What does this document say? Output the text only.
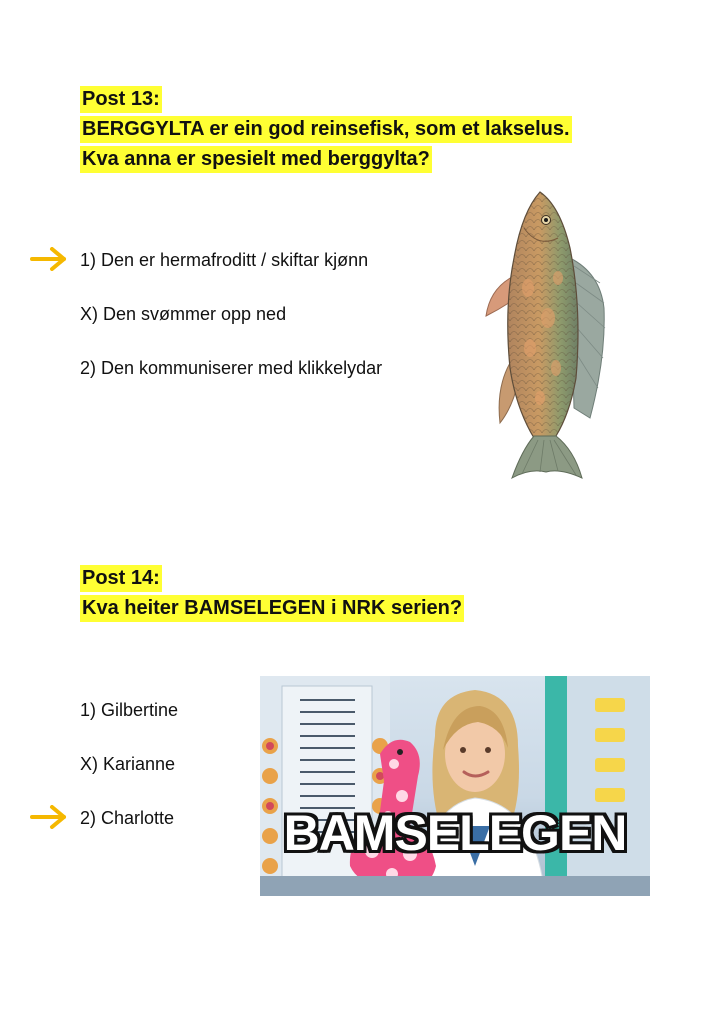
Post 13:
BERGGYLTA er ein god reinsefisk, som et lakselus.
Kva anna er spesielt med berggylta?
1) Den er hermafroditt / skiftar kjønn
X) Den svømmer opp ned
2) Den kommuniserer med klikkelydar
Post 14:
Kva heiter BAMSELEGEN i NRK serien?
1) Gilbertine
X) Karianne
2) Charlotte	BAMSELEGEN
